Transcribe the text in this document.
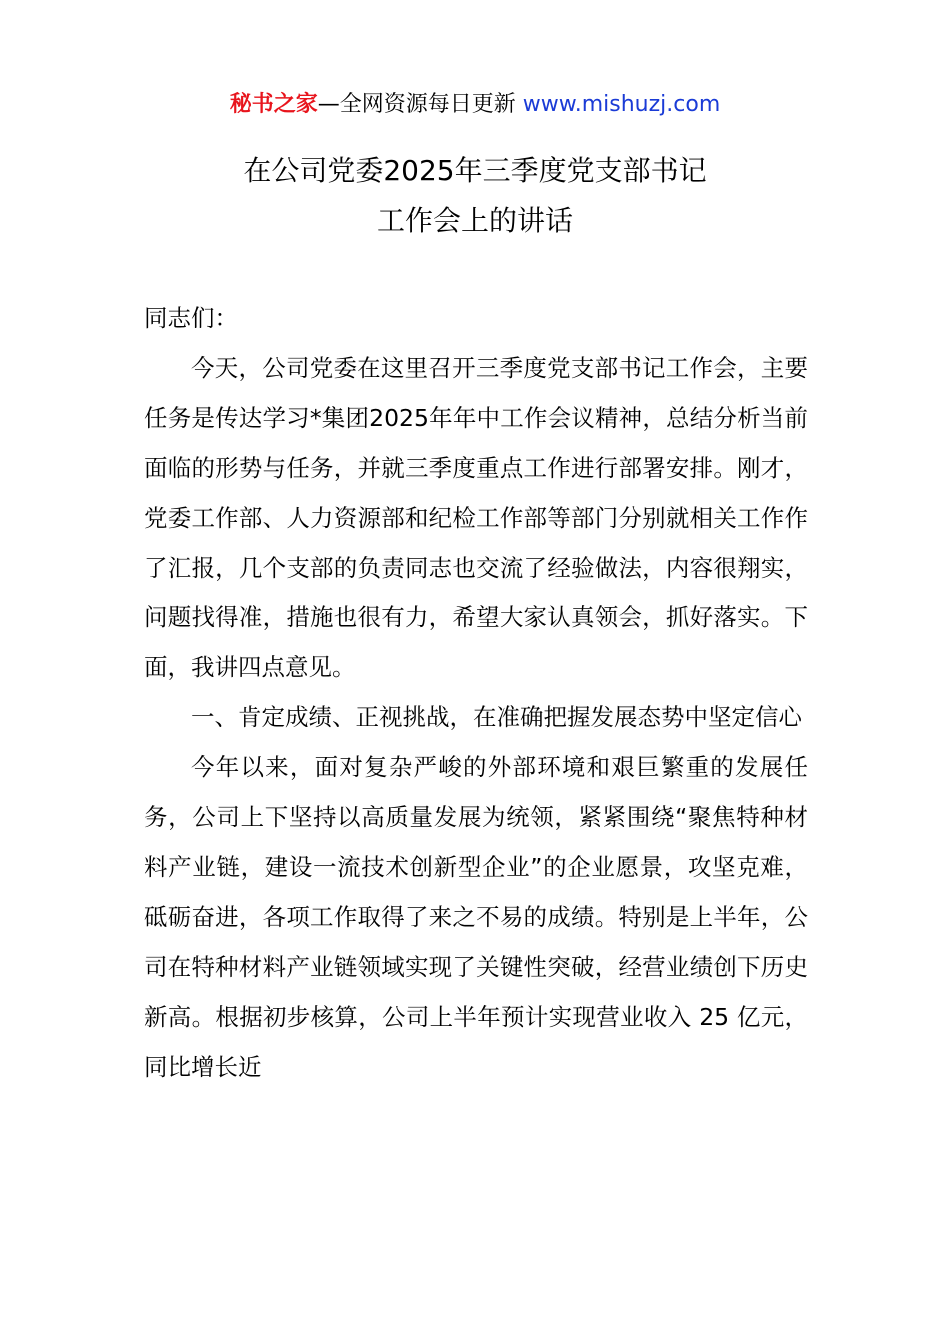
秘书之家—全网资源每日更新 www.mishuzj.com
在公司党委2025年三季度党支部书记
工作会上的讲话

同志们：

今天，公司党委在这里召开三季度党支部书记工作会，主要任务是传达学习*集团2025年年中工作会议精神，总结分析当前面临的形势与任务，并就三季度重点工作进行部署安排。刚才，党委工作部、人力资源部和纪检工作部等部门分别就相关工作作了汇报，几个支部的负责同志也交流了经验做法，内容很翔实，问题找得准，措施也很有力，希望大家认真领会，抓好落实。下面，我讲四点意见。

一、肯定成绩、正视挑战，在准确把握发展态势中坚定信心

今年以来，面对复杂严峻的外部环境和艰巨繁重的发展任务，公司上下坚持以高质量发展为统领，紧紧围绕“聚焦特种材料产业链，建设一流技术创新型企业”的企业愿景，攻坚克难，砥砺奋进，各项工作取得了来之不易的成绩。特别是上半年，公司在特种材料产业链领域实现了关键性突破，经营业绩创下历史新高。根据初步核算，公司上半年预计实现营业收入 25 亿元，同比增长近
